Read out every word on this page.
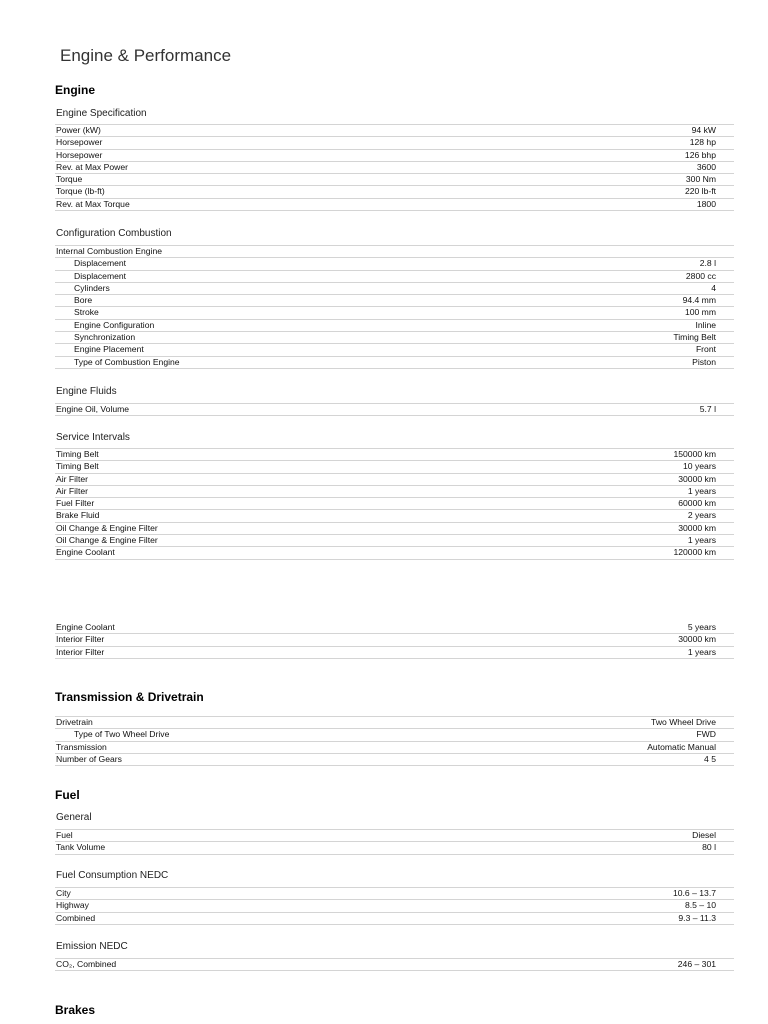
Engine & Performance
Engine
Engine Specification
Power (kW)	94 kW
Horsepower	128 hp
Horsepower	126 bhp
Rev. at Max Power	3600
Torque	300 Nm
Torque (lb-ft)	220 lb-ft
Rev. at Max Torque	1800
Configuration Combustion
Internal Combustion Engine
Displacement	2.8 l
Displacement	2800 cc
Cylinders	4
Bore	94.4 mm
Stroke	100 mm
Engine Configuration	Inline
Synchronization	Timing Belt
Engine Placement	Front
Type of Combustion Engine	Piston
Engine Fluids
Engine Oil, Volume	5.7 l
Service Intervals
Timing Belt	150000 km
Timing Belt	10 years
Air Filter	30000 km
Air Filter	1 years
Fuel Filter	60000 km
Brake Fluid	2 years
Oil Change & Engine Filter	30000 km
Oil Change & Engine Filter	1 years
Engine Coolant	120000 km
Engine Coolant	5 years
Interior Filter	30000 km
Interior Filter	1 years
Transmission & Drivetrain
Drivetrain	Two Wheel Drive
Type of Two Wheel Drive	FWD
Transmission	Automatic Manual
Number of Gears	4 5
Fuel
General
Fuel	Diesel
Tank Volume	80 l
Fuel Consumption NEDC
City	10.6 – 13.7
Highway	8.5 – 10
Combined	9.3 – 11.3
Emission NEDC
CO₂, Combined	246 – 301
Brakes
